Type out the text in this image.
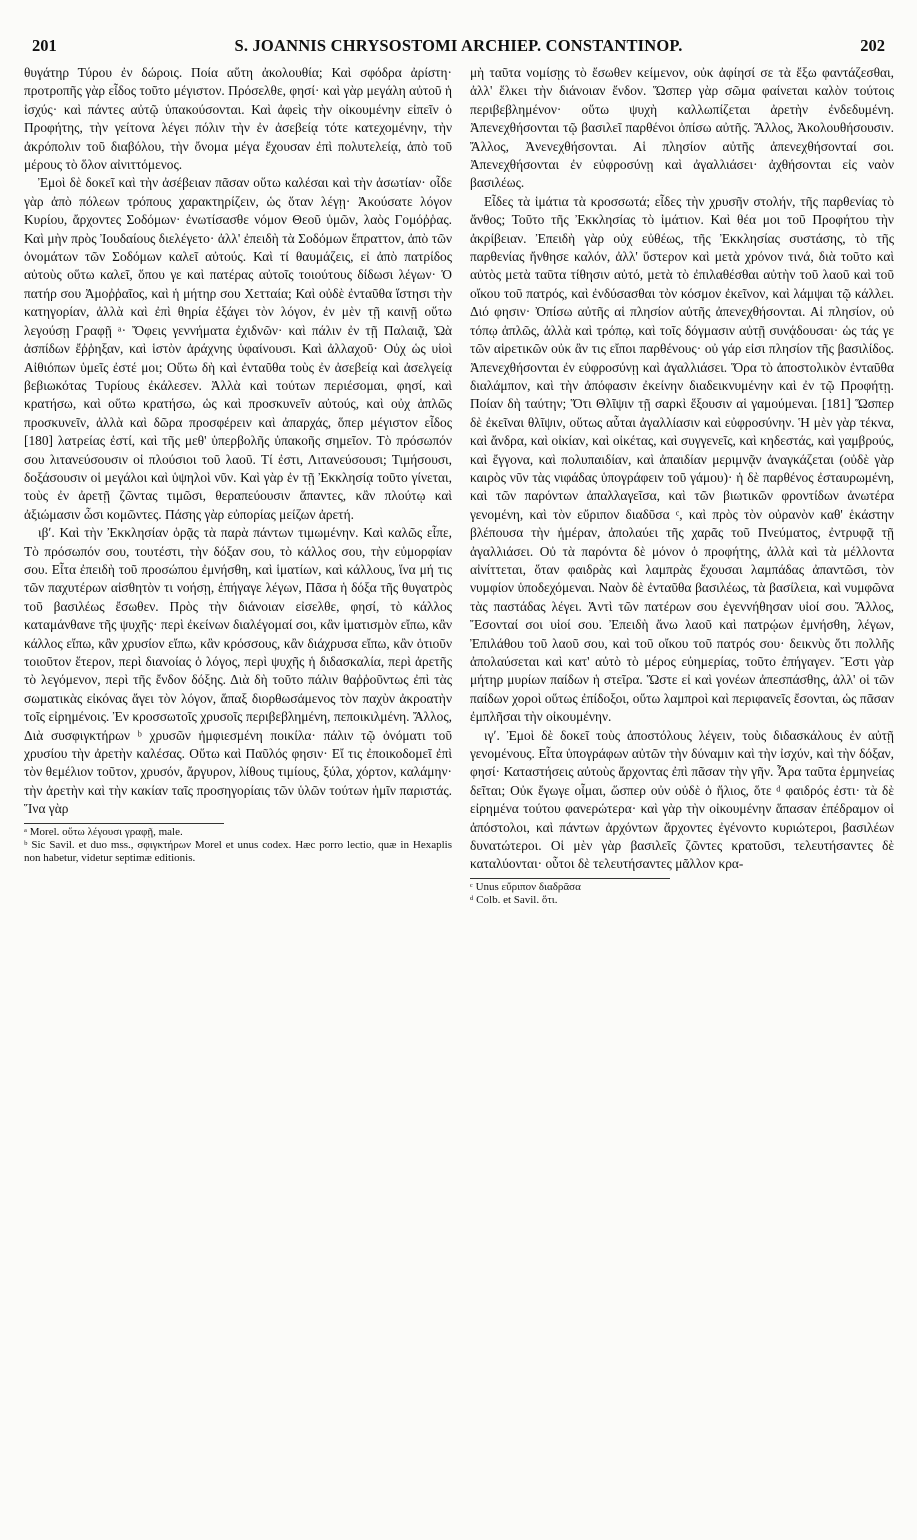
201	S. JOANNIS CHRYSOSTOMI ARCHIEP. CONSTANTINOP.	202

θυγάτηρ Τύρου ἐν δώροις. Ποία αὕτη ἀκολουθία; Καὶ σφόδρα ἀρίστη· προτροπῆς γὰρ εἶδος τοῦτο μέγιστον. Πρόσελθε, φησί· καὶ γὰρ μεγάλη αὐτοῦ ἡ ἰσχύς· καὶ πάντες αὐτῷ ὑπακούσονται. Καὶ ἀφεὶς τὴν οἰκουμένην εἰπεῖν ὁ Προφήτης, τὴν γείτονα λέγει πόλιν τὴν ἐν ἀσεβείᾳ τότε κατεχομένην, τὴν ἀκρόπολιν τοῦ διαβόλου, τὴν ὄνομα μέγα ἔχουσαν ἐπὶ πολυτελείᾳ, ἀπὸ τοῦ μέρους τὸ ὅλον αἰνιττόμενος.

Ἐμοὶ δὲ δοκεῖ καὶ τὴν ἀσέβειαν πᾶσαν οὕτω καλέσαι καὶ τὴν ἀσωτίαν· οἶδε γὰρ ἀπὸ πόλεων τρόπους χαρακτηρίζειν, ὡς ὅταν λέγῃ· Ἀκούσατε λόγον Κυρίου, ἄρχοντες Σοδόμων· ἐνωτίσασθε νόμον Θεοῦ ὑμῶν, λαὸς Γομόῤῥας. Καὶ μὴν πρὸς Ἰουδαίους διελέγετο· ἀλλ' ἐπειδὴ τὰ Σοδόμων ἔπραττον, ἀπὸ τῶν ὀνομάτων τῶν Σοδόμων καλεῖ αὐτούς. Καὶ τί θαυμάζεις, εἰ ἀπὸ πατρίδος αὐτοὺς οὕτω καλεῖ, ὅπου γε καὶ πατέρας αὐτοῖς τοιούτους δίδωσι λέγων· Ὁ πατήρ σου Ἀμοῤῥαῖος, καὶ ἡ μήτηρ σου Χετταία; Καὶ οὐδὲ ἐνταῦθα ἵστησι τὴν κατηγορίαν, ἀλλὰ καὶ ἐπὶ θηρία ἐξάγει τὸν λόγον, ἐν μὲν τῇ καινῇ οὕτω λεγούσῃ Γραφῇ ᵃ· Ὄφεις γεννήματα ἐχιδνῶν· καὶ πάλιν ἐν τῇ Παλαιᾷ, Ὠὰ ἀσπίδων ἔῤῥηξαν, καὶ ἱστὸν ἀράχνης ὑφαίνουσι. Καὶ ἀλλαχοῦ· Οὐχ ὡς υἱοὶ Αἰθιόπων ὑμεῖς ἐστέ μοι; Οὕτω δὴ καὶ ἐνταῦθα τοὺς ἐν ἀσεβείᾳ καὶ ἀσελγείᾳ βεβιωκότας Τυρίους ἐκάλεσεν. Ἀλλὰ καὶ τούτων περιέσομαι, φησί, καὶ κρατήσω, καὶ οὕτω κρατήσω, ὡς καὶ προσκυνεῖν αὐτούς, καὶ οὐχ ἁπλῶς προσκυνεῖν, ἀλλὰ καὶ δῶρα προσφέρειν καὶ ἀπαρχάς, ὅπερ μέγιστον εἶδος [180] λατρείας ἐστί, καὶ τῆς μεθ' ὑπερβολῆς ὑπακοῆς σημεῖον. Τὸ πρόσωπόν σου λιτανεύσουσιν οἱ πλούσιοι τοῦ λαοῦ. Τί ἐστι, Λιτανεύσουσι; Τιμήσουσι, δοξάσουσιν οἱ μεγάλοι καὶ ὑψηλοὶ νῦν. Καὶ γὰρ ἐν τῇ Ἐκκλησίᾳ τοῦτο γίνεται, τοὺς ἐν ἀρετῇ ζῶντας τιμῶσι, θεραπεύουσιν ἅπαντες, κἂν πλούτῳ καὶ ἀξιώμασιν ὦσι κομῶντες. Πάσης γὰρ εὐπορίας μείζων ἀρετή.

ιβʹ. Καὶ τὴν Ἐκκλησίαν ὁρᾷς τὰ παρὰ πάντων τιμωμένην. Καὶ καλῶς εἶπε, Τὸ πρόσωπόν σου, τουτέστι, τὴν δόξαν σου, τὸ κάλλος σου, τὴν εὐμορφίαν σου. Εἶτα ἐπειδὴ τοῦ προσώπου ἐμνήσθη, καὶ ἱματίων, καὶ κάλλους, ἵνα μή τις τῶν παχυτέρων αἰσθητὸν τι νοήσῃ, ἐπήγαγε λέγων, Πᾶσα ἡ δόξα τῆς θυγατρὸς τοῦ βασιλέως ἔσωθεν. Πρὸς τὴν διάνοιαν εἰσελθε, φησί, τὸ κάλλος καταμάνθανε τῆς ψυχῆς· περὶ ἐκείνων διαλέγομαί σοι, κἂν ἱματισμὸν εἴπω, κἂν κάλλος εἴπω, κἂν χρυσίον εἴπω, κἂν κρόσσους, κἂν διάχρυσα εἴπω, κἂν ὁτιοῦν τοιοῦτον ἕτερον, περὶ διανοίας ὁ λόγος, περὶ ψυχῆς ἡ διδασκαλία, περὶ ἀρετῆς τὸ λεγόμενον, περὶ τῆς ἔνδον δόξης. Διὰ δὴ τοῦτο πάλιν θαῤῥοῦντως ἐπὶ τὰς σωματικὰς εἰκόνας ἄγει τὸν λόγον, ἅπαξ διορθωσάμενος τὸν παχὺν ἀκροατὴν τοῖς εἰρημένοις. Ἐν κροσσωτοῖς χρυσοῖς περιβεβλημένη, πεποικιλμένη. Ἄλλος, Διὰ συσφιγκτήρων ᵇ χρυσῶν ἠμφιεσμένη ποικίλα· πάλιν τῷ ὀνόματι τοῦ χρυσίου τὴν ἀρετὴν καλέσας. Οὕτω καὶ Παῦλός φησιν· Εἴ τις ἐποικοδομεῖ ἐπὶ τὸν θεμέλιον τοῦτον, χρυσόν, ἄργυρον, λίθους τιμίους, ξύλα, χόρτον, καλάμην· τὴν ἀρετὴν καὶ τὴν κακίαν ταῖς προσηγορίαις τῶν ὑλῶν τούτων ἡμῖν παριστάς. Ἵνα γὰρ

ᵃ Morel. οὕτω λέγουσι γραφῇ, male.
ᵇ Sic Savil. et duo mss., σφιγκτήρων Morel et unus codex. Hæc porro lectio, quæ in Hexaplis non habetur, videtur septimæ editionis.

μὴ ταῦτα νομίσῃς τὸ ἔσωθεν κείμενον, οὐκ ἀφίησί σε τὰ ἔξω φαντάζεσθαι, ἀλλ' ἕλκει τὴν διάνοιαν ἔνδον. Ὥσπερ γὰρ σῶμα φαίνεται καλὸν τούτοις περιβεβλημένον· οὕτω ψυχὴ καλλωπίζεται ἀρετὴν ἐνδεδυμένη. Ἀπενεχθήσονται τῷ βασιλεῖ παρθένοι ὀπίσω αὐτῆς. Ἄλλος, Ἀκολουθήσουσιν. Ἄλλος, Ἀνενεχθήσονται. Αἱ πλησίον αὐτῆς ἀπενεχθήσονταί σοι. Ἀπενεχθήσονται ἐν εὐφροσύνῃ καὶ ἀγαλλιάσει· ἀχθήσονται εἰς ναὸν βασιλέως.

Εἶδες τὰ ἱμάτια τὰ κροσσωτά; εἶδες τὴν χρυσῆν στολήν, τῆς παρθενίας τὸ ἄνθος; Τοῦτο τῆς Ἐκκλησίας τὸ ἱμάτιον. Καὶ θέα μοι τοῦ Προφήτου τὴν ἀκρίβειαν. Ἐπειδὴ γὰρ οὐχ εὐθέως, τῆς Ἐκκλησίας συστάσης, τὸ τῆς παρθενίας ἤνθησε καλόν, ἀλλ' ὕστερον καὶ μετὰ χρόνον τινά, διὰ τοῦτο καὶ αὐτὸς μετὰ ταῦτα τίθησιν αὐτό, μετὰ τὸ ἐπιλαθέσθαι αὐτὴν τοῦ λαοῦ καὶ τοῦ οἴκου τοῦ πατρός, καὶ ἐνδύσασθαι τὸν κόσμον ἐκεῖνον, καὶ λάμψαι τῷ κάλλει. Διό φησιν· Ὀπίσω αὐτῆς αἱ πλησίον αὐτῆς ἀπενεχθήσονται. Αἱ πλησίον, οὐ τόπῳ ἁπλῶς, ἀλλὰ καὶ τρόπῳ, καὶ τοῖς δόγμασιν αὐτῇ συνᾴδουσαι· ὡς τάς γε τῶν αἱρετικῶν οὐκ ἂν τις εἴποι παρθένους· οὐ γάρ εἰσι πλησίον τῆς βασιλίδος. Ἀπενεχθήσονται ἐν εὐφροσύνῃ καὶ ἀγαλλιάσει. Ὅρα τὸ ἀποστολικὸν ἐνταῦθα διαλάμπον, καὶ τὴν ἀπόφασιν ἐκείνην διαδεικνυμένην καὶ ἐν τῷ Προφήτῃ. Ποίαν δὴ ταύτην; Ὅτι Θλῖψιν τῇ σαρκὶ ἕξουσιν αἱ γαμούμεναι. [181] Ὥσπερ δὲ ἐκεῖναι θλῖψιν, οὕτως αὗται ἀγαλλίασιν καὶ εὐφροσύνην. Ἡ μὲν γὰρ τέκνα, καὶ ἄνδρα, καὶ οἰκίαν, καὶ οἰκέτας, καὶ συγγενεῖς, καὶ κηδεστάς, καὶ γαμβρούς, καὶ ἔγγονα, καὶ πολυπαιδίαν, καὶ ἀπαιδίαν μεριμνᾷν ἀναγκάζεται (οὐδὲ γὰρ καιρὸς νῦν τὰς νιφάδας ὑπογράφειν τοῦ γάμου)· ἡ δὲ παρθένος ἐσταυρωμένη, καὶ τῶν παρόντων ἀπαλλαγεῖσα, καὶ τῶν βιωτικῶν φροντίδων ἀνωτέρα γενομένη, καὶ τὸν εὔριπον διαδῦσα ᶜ, καὶ πρὸς τὸν οὐρανὸν καθ' ἑκάστην βλέπουσα τὴν ἡμέραν, ἀπολαύει τῆς χαρᾶς τοῦ Πνεύματος, ἐντρυφᾷ τῇ ἀγαλλιάσει. Οὐ τὰ παρόντα δὲ μόνον ὁ προφήτης, ἀλλὰ καὶ τὰ μέλλοντα αἰνίττεται, ὅταν φαιδρὰς καὶ λαμπρὰς ἔχουσαι λαμπάδας ἀπαντῶσι, τὸν νυμφίον ὑποδεχόμεναι. Ναὸν δὲ ἐνταῦθα βασιλέως, τὰ βασίλεια, καὶ νυμφῶνα τὰς παστάδας λέγει. Ἀντὶ τῶν πατέρων σου ἐγεννήθησαν υἱοί σου. Ἄλλος, Ἔσονταί σοι υἱοί σου. Ἐπειδὴ ἄνω λαοῦ καὶ πατρῴων ἐμνήσθη, λέγων, Ἐπιλάθου τοῦ λαοῦ σου, καὶ τοῦ οἴκου τοῦ πατρός σου· δεικνὺς ὅτι πολλῆς ἀπολαύσεται καὶ κατ' αὐτὸ τὸ μέρος εὐημερίας, τοῦτο ἐπήγαγεν. Ἔστι γὰρ μήτηρ μυρίων παίδων ἡ στεῖρα. Ὥστε εἰ καὶ γονέων ἀπεσπάσθης, ἀλλ' οἱ τῶν παίδων χοροὶ οὕτως ἐπίδοξοι, οὕτω λαμπροὶ καὶ περιφανεῖς ἔσονται, ὡς πᾶσαν ἐμπλῆσαι τὴν οἰκουμένην.

ιγʹ. Ἐμοὶ δὲ δοκεῖ τοὺς ἀποστόλους λέγειν, τοὺς διδασκάλους ἐν αὐτῇ γενομένους. Εἶτα ὑπογράφων αὐτῶν τὴν δύναμιν καὶ τὴν ἰσχύν, καὶ τὴν δόξαν, φησί· Καταστήσεις αὐτοὺς ἄρχοντας ἐπὶ πᾶσαν τὴν γῆν. Ἆρα ταῦτα ἑρμηνείας δεῖται; Οὐκ ἔγωγε οἶμαι, ὥσπερ οὐν οὐδὲ ὁ ἥλιος, ὅτε ᵈ φαιδρός ἐστι· τὰ δὲ εἰρημένα τούτου φανερώτερα· καὶ γὰρ τὴν οἰκουμένην ἅπασαν ἐπέδραμον οἱ ἀπόστολοι, καὶ πάντων ἀρχόντων ἄρχοντες ἐγένοντο κυριώτεροι, βασιλέων δυνατώτεροι. Οἱ μὲν γὰρ βασιλεῖς ζῶντες κρατοῦσι, τελευτήσαντες δὲ καταλύονται· οὗτοι δὲ τελευτήσαντες μᾶλλον κρα-

ᶜ Unus εὔριπον διαδρᾶσα
ᵈ Colb. et Savil. ὅτι.
